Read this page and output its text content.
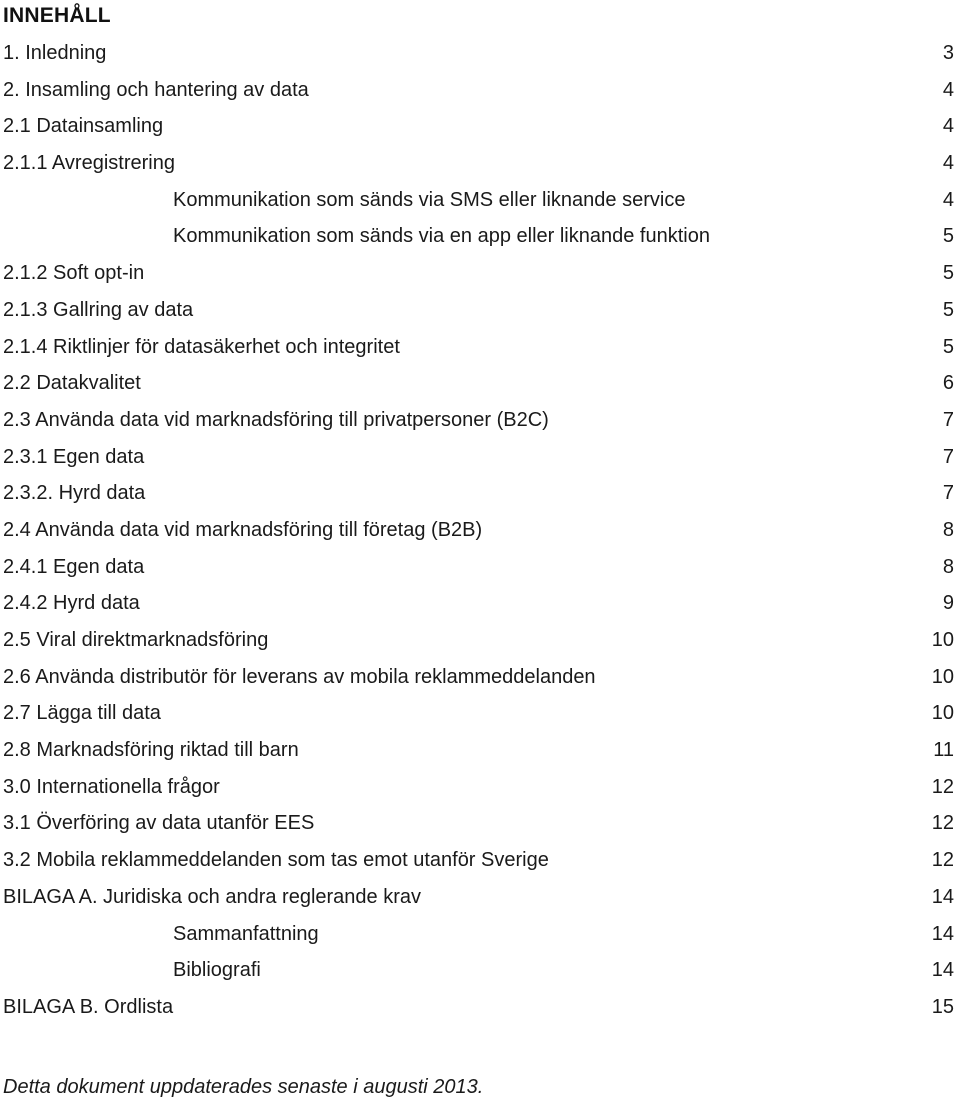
INNEHÅLL
1. Inledning	3
2. Insamling och hantering av data	4
2.1 Datainsamling	4
2.1.1 Avregistrering	4
Kommunikation som sänds via SMS eller liknande service	4
Kommunikation som sänds via en app eller liknande funktion	5
2.1.2 Soft opt-in	5
2.1.3 Gallring av data	5
2.1.4 Riktlinjer för datasäkerhet och integritet	5
2.2 Datakvalitet	6
2.3 Använda data vid marknadsföring till privatpersoner (B2C)	7
2.3.1 Egen data	7
2.3.2. Hyrd data	7
2.4 Använda data vid marknadsföring till företag (B2B)	8
2.4.1 Egen data	8
2.4.2 Hyrd data	9
2.5 Viral direktmarknadsföring	10
2.6 Använda distributör för leverans av mobila reklammeddelanden	10
2.7 Lägga till data	10
2.8 Marknadsföring riktad till barn	11
3.0 Internationella frågor	12
3.1 Överföring av data utanför EES	12
3.2 Mobila reklammeddelanden som tas emot utanför Sverige	12
BILAGA A. Juridiska och andra reglerande krav	14
Sammanfattning	14
Bibliografi	14
BILAGA B. Ordlista	15
Detta dokument uppdaterades senaste i augusti 2013.
